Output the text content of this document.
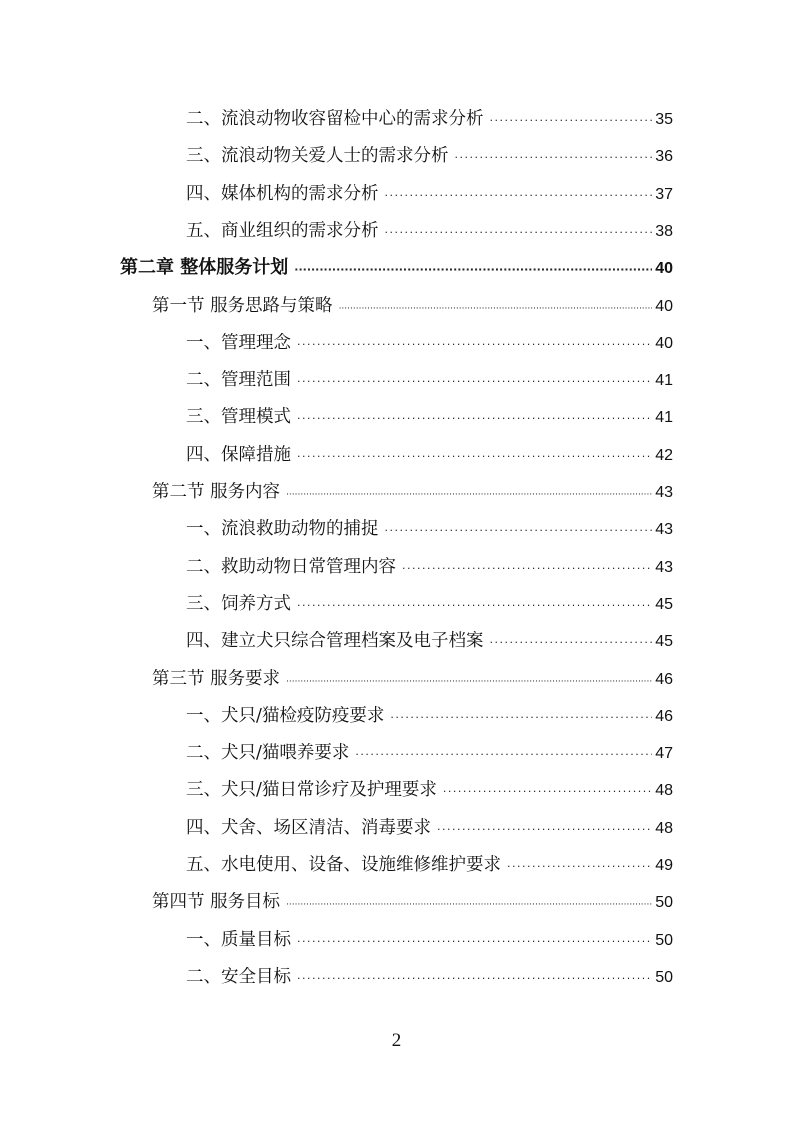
二、流浪动物收容留检中心的需求分析 ·····	35
三、流浪动物关爱人士的需求分析 ·····	36
四、媒体机构的需求分析 ·····	37
五、商业组织的需求分析 ·····	38
第二章 整体服务计划 ·····	40
第一节 服务思路与策略 ·····	40
一、管理理念 ·····	40
二、管理范围 ·····	41
三、管理模式 ·····	41
四、保障措施 ·····	42
第二节 服务内容 ·····	43
一、流浪救助动物的捕捉 ·····	43
二、救助动物日常管理内容 ·····	43
三、饲养方式 ·····	45
四、建立犬只综合管理档案及电子档案 ·····	45
第三节 服务要求 ·····	46
一、犬只/猫检疫防疫要求 ·····	46
二、犬只/猫喂养要求 ·····	47
三、犬只/猫日常诊疗及护理要求 ·····	48
四、犬舍、场区清洁、消毒要求 ·····	48
五、水电使用、设备、设施维修维护要求 ·····	49
第四节 服务目标 ·····	50
一、质量目标 ·····	50
二、安全目标 ·····	50
2
